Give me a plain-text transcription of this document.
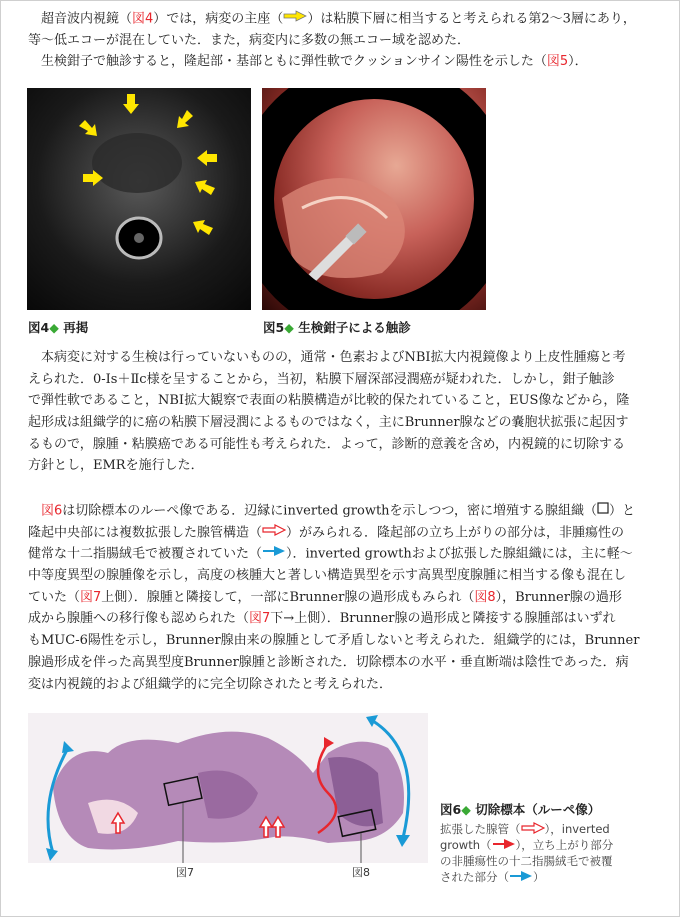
　超音波内視鏡（図4）では，病変の主座（ ）は粘膜下層に相当すると考えられる第2～3層にあり，
等～低エコーが混在していた．また，病変内に多数の無エコー域を認めた．
　生検鉗子で触診すると，隆起部・基部ともに弾性軟でクッションサイン陽性を示した（図5）．
図4◆ 再掲	図5◆ 生検鉗子による触診
　本病変に対する生検は行っていないものの，通常・色素およびNBI拡大内視鏡像より上皮性腫瘍と考
えられた．0-Ⅰs＋Ⅱc様を呈することから，当初，粘膜下層深部浸潤癌が疑われた．しかし，鉗子触診
で弾性軟であること，NBI拡大観察で表面の粘膜構造が比較的保たれていること，EUS像などから，隆
起形成は組織学的に癌の粘膜下層浸潤によるものではなく，主にBrunner腺などの嚢胞状拡張に起因す
るもので，腺腫・粘膜癌である可能性も考えられた．よって，診断的意義を含め，内視鏡的に切除する
方針とし，EMRを施行した．
　図6は切除標本のルーペ像である．辺縁にinverted growthを示しつつ，密に増殖する腺組織（ ）と
隆起中央部には複数拡張した腺管構造（ ）がみられる．隆起部の立ち上がりの部分は，非腫瘍性の
健常な十二指腸絨毛で被覆されていた（ ）．inverted growthおよび拡張した腺組織には，主に軽～
中等度異型の腺腫像を示し，高度の核腫大と著しい構造異型を示す高異型度腺腫に相当する像も混在し
ていた（図7上側）．腺腫と隣接して，一部にBrunner腺の過形成もみられ（図8），Brunner腺の過形
成から腺腫への移行像も認められた（図7下→上側）．Brunner腺の過形成と隣接する腺腫部はいずれ
もMUC-6陽性を示し，Brunner腺由来の腺腫として矛盾しないと考えられた．組織学的には，Brunner
腺過形成を伴った高異型度Brunner腺腫と診断された．切除標本の水平・垂直断端は陰性であった．病
変は内視鏡的および組織学的に完全切除されたと考えられた．
図7	図8
図6◆ 切除標本（ルーペ像）
拡張した腺管（ ），inverted
growth（ ），立ち上がり部分
の非腫瘍性の十二指腸絨毛で被覆
された部分（ ）
